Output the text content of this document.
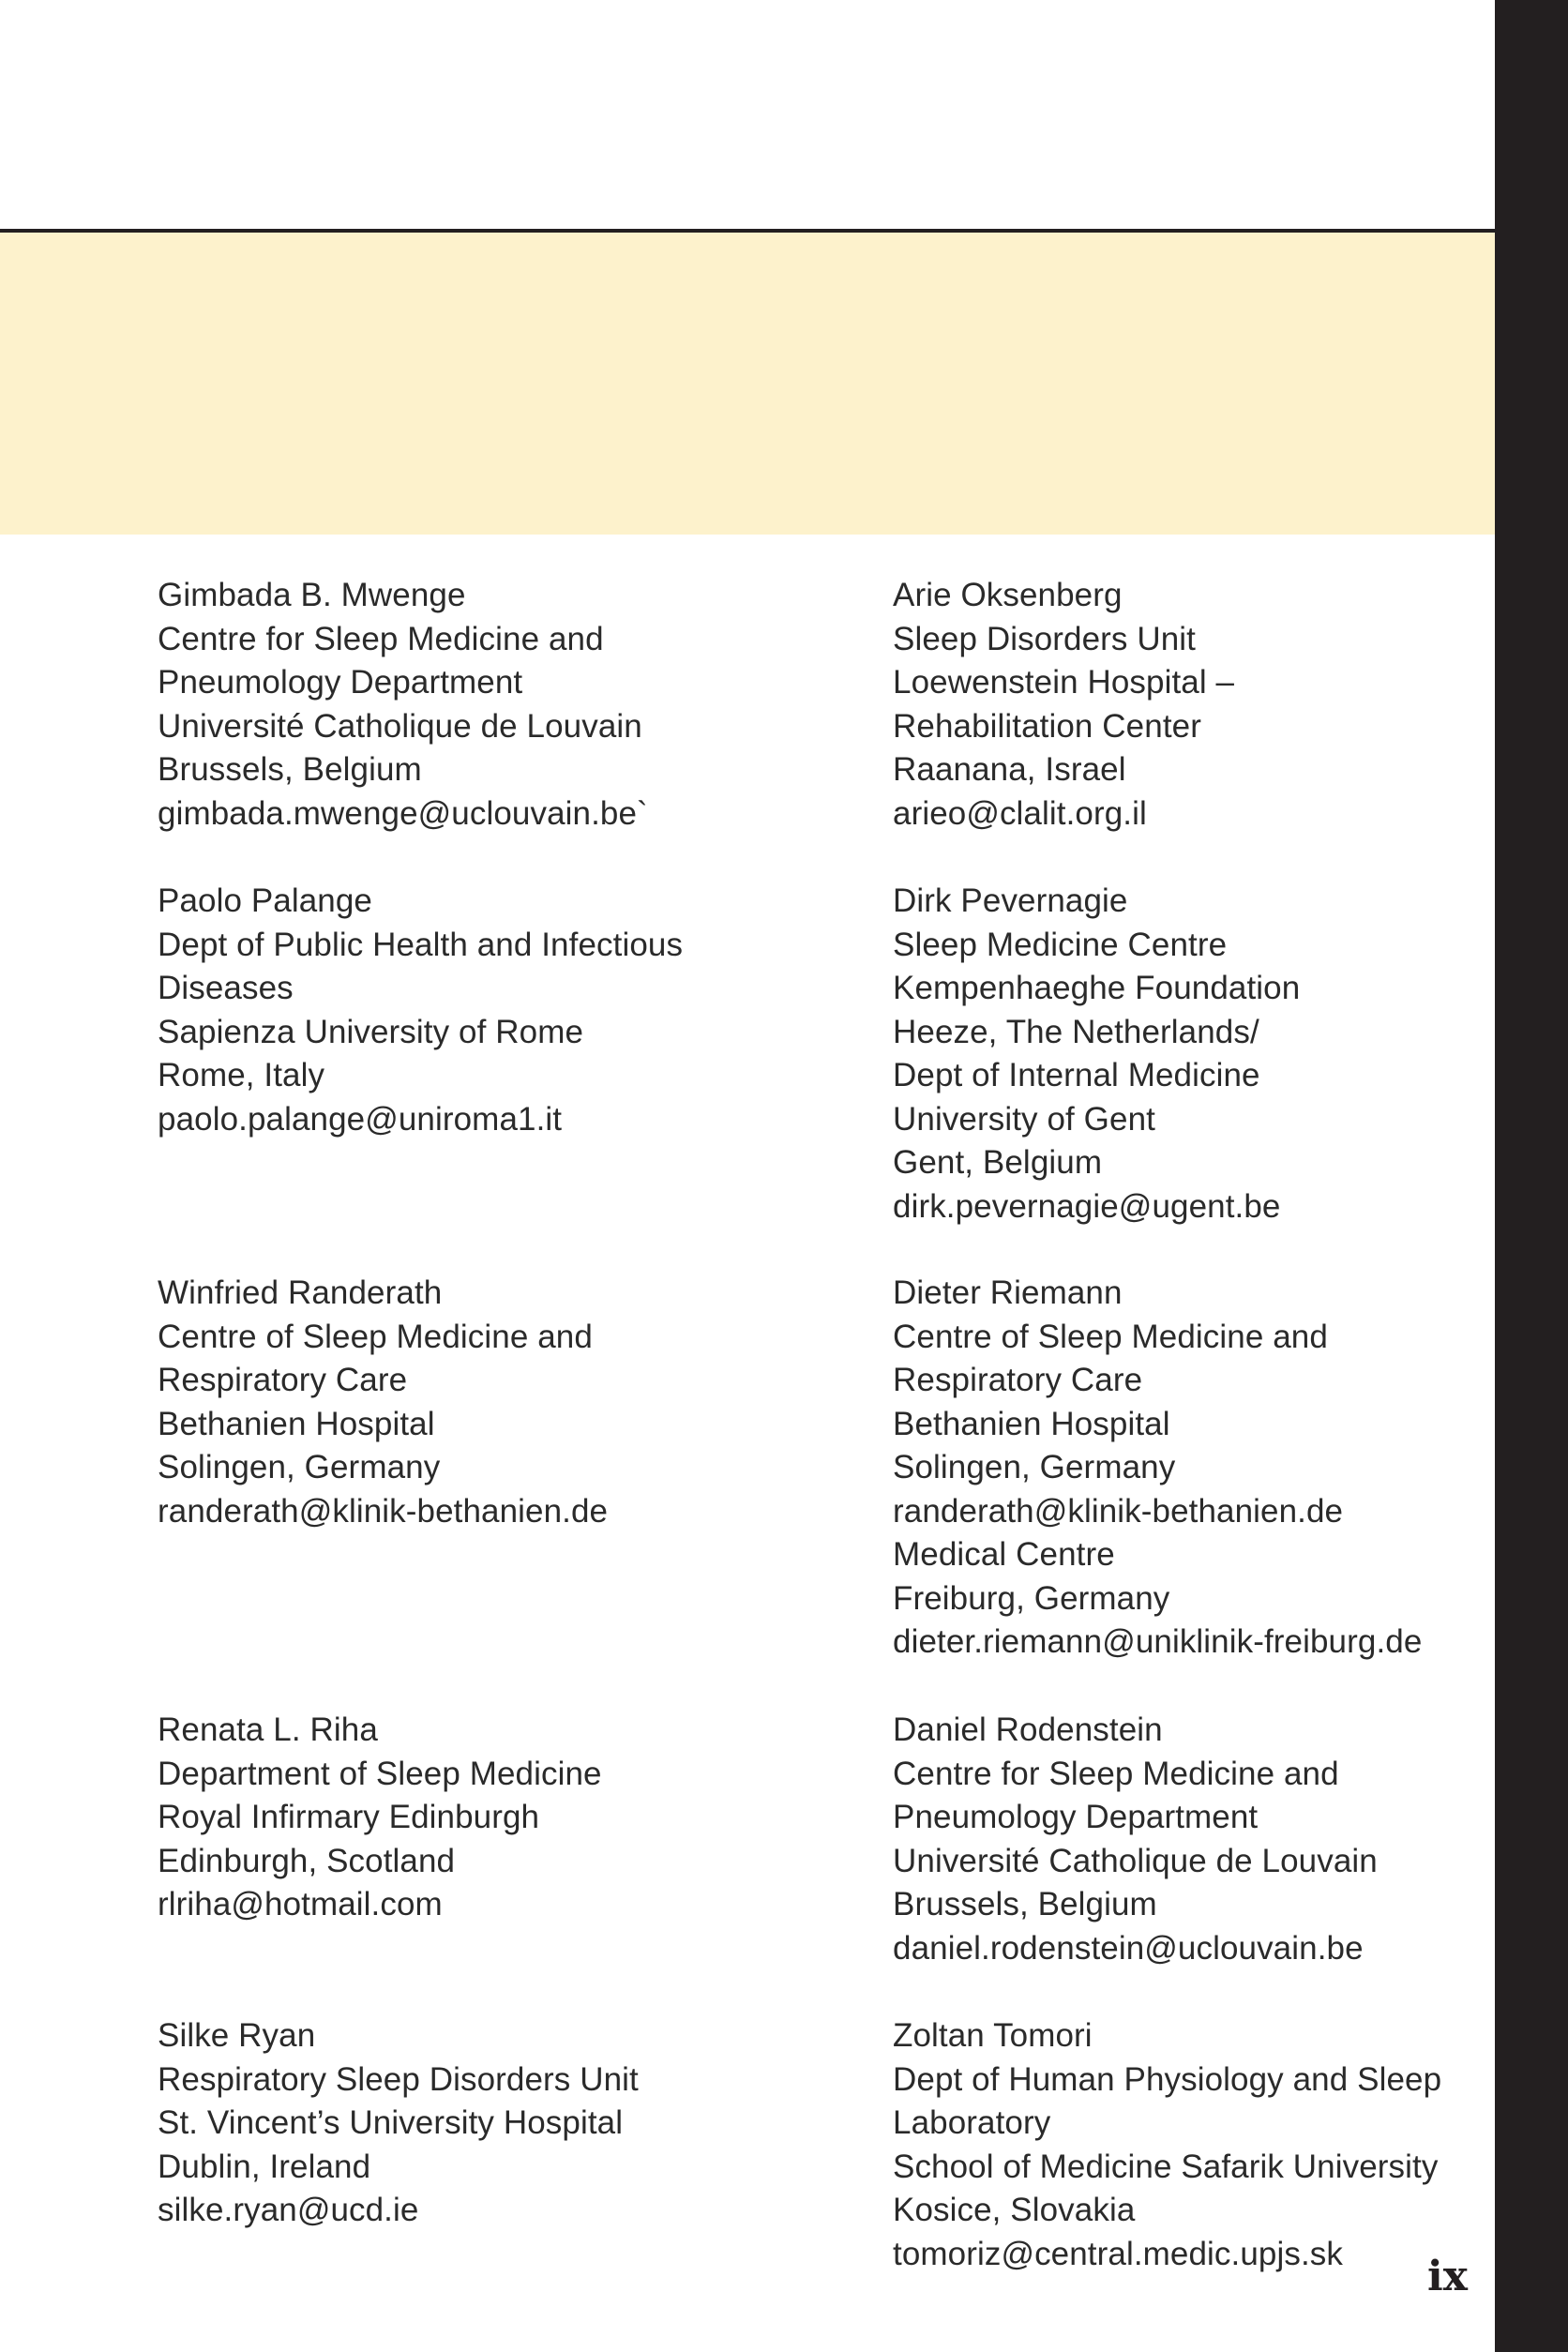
Gimbada B. Mwenge
Centre for Sleep Medicine and
Pneumology Department
Université Catholique de Louvain
Brussels, Belgium
gimbada.mwenge@uclouvain.be`
Paolo Palange
Dept of Public Health and Infectious
Diseases
Sapienza University of Rome
Rome, Italy
paolo.palange@uniroma1.it
Winfried Randerath
Centre of Sleep Medicine and
Respiratory Care
Bethanien Hospital
Solingen, Germany
randerath@klinik-bethanien.de
Renata L. Riha
Department of Sleep Medicine
Royal Infirmary Edinburgh
Edinburgh, Scotland
rlriha@hotmail.com
Silke Ryan
Respiratory Sleep Disorders Unit
St. Vincent’s University Hospital
Dublin, Ireland
silke.ryan@ucd.ie
Arie Oksenberg
Sleep Disorders Unit
Loewenstein Hospital –
Rehabilitation Center
Raanana, Israel
arieo@clalit.org.il
Dirk Pevernagie
Sleep Medicine Centre
Kempenhaeghe Foundation
Heeze, The Netherlands/
Dept of Internal Medicine
University of Gent
Gent, Belgium
dirk.pevernagie@ugent.be
Dieter Riemann
Centre of Sleep Medicine and
Respiratory Care
Bethanien Hospital
Solingen, Germany
randerath@klinik-bethanien.de
Medical Centre
Freiburg, Germany
dieter.riemann@uniklinik-freiburg.de
Daniel Rodenstein
Centre for Sleep Medicine and
Pneumology Department
Université Catholique de Louvain
Brussels, Belgium
daniel.rodenstein@uclouvain.be
Zoltan Tomori
Dept of Human Physiology and Sleep
Laboratory
School of Medicine Safarik University
Kosice, Slovakia
tomoriz@central.medic.upjs.sk	ix
